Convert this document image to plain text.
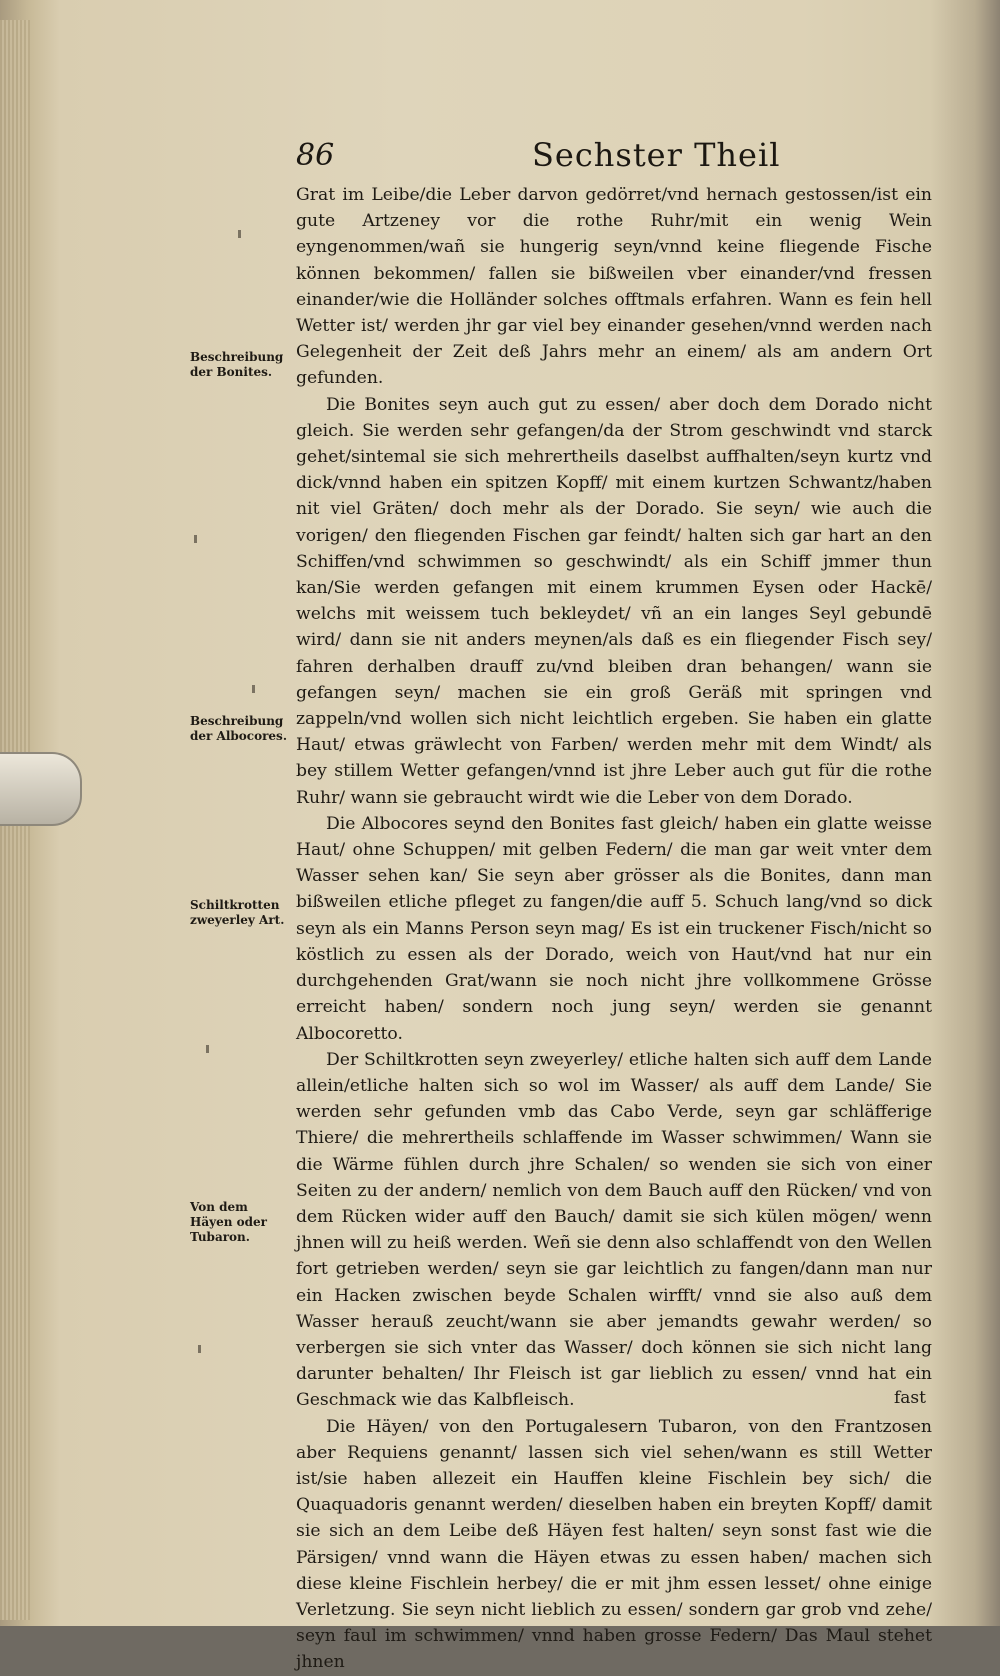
86	Sechster Theil

Grat im Leibe/die Leber darvon gedörret/vnd hernach gestossen/ist ein gute Artzeney vor die rothe Ruhr/mit ein wenig Wein eyngenommen/wañ sie hungerig seyn/vnnd keine fliegende Fische können bekommen/ fallen sie bißweilen vber einander/vnd fressen einander/wie die Holländer solches offtmals erfahren. Wann es fein hell Wetter ist/ werden jhr gar viel bey einander gesehen/vnnd werden nach Gelegenheit der Zeit deß Jahrs mehr an einem/ als am andern Ort gefunden.

Die Bonites seyn auch gut zu essen/ aber doch dem Dorado nicht gleich. Sie werden sehr gefangen/da der Strom geschwindt vnd starck gehet/sintemal sie sich mehrertheils daselbst auffhalten/seyn kurtz vnd dick/vnnd haben ein spitzen Kopff/ mit einem kurtzen Schwantz/haben nit viel Gräten/ doch mehr als der Dorado. Sie seyn/ wie auch die vorigen/ den fliegenden Fischen gar feindt/ halten sich gar hart an den Schiffen/vnd schwimmen so geschwindt/ als ein Schiff jmmer thun kan/Sie werden gefangen mit einem krummen Eysen oder Hackē/ welchs mit weissem tuch bekleydet/ vñ an ein langes Seyl gebundē wird/ dann sie nit anders meynen/als daß es ein fliegender Fisch sey/ fahren derhalben drauff zu/vnd bleiben dran behangen/ wann sie gefangen seyn/ machen sie ein groß Geräß mit springen vnd zappeln/vnd wollen sich nicht leichtlich ergeben. Sie haben ein glatte Haut/ etwas gräwlecht von Farben/ werden mehr mit dem Windt/ als bey stillem Wetter gefangen/vnnd ist jhre Leber auch gut für die rothe Ruhr/ wann sie gebraucht wirdt wie die Leber von dem Dorado.

Die Albocores seynd den Bonites fast gleich/ haben ein glatte weisse Haut/ ohne Schuppen/ mit gelben Federn/ die man gar weit vnter dem Wasser sehen kan/ Sie seyn aber grösser als die Bonites, dann man bißweilen etliche pfleget zu fangen/die auff 5. Schuch lang/vnd so dick seyn als ein Manns Person seyn mag/ Es ist ein truckener Fisch/nicht so köstlich zu essen als der Dorado, weich von Haut/vnd hat nur ein durchgehenden Grat/wann sie noch nicht jhre vollkommene Grösse erreicht haben/ sondern noch jung seyn/ werden sie genannt Albocoretto.

Der Schiltkrotten seyn zweyerley/ etliche halten sich auff dem Lande allein/etliche halten sich so wol im Wasser/ als auff dem Lande/ Sie werden sehr gefunden vmb das Cabo Verde, seyn gar schläfferige Thiere/ die mehrertheils schlaffende im Wasser schwimmen/ Wann sie die Wärme fühlen durch jhre Schalen/ so wenden sie sich von einer Seiten zu der andern/ nemlich von dem Bauch auff den Rücken/ vnd von dem Rücken wider auff den Bauch/ damit sie sich külen mögen/ wenn jhnen will zu heiß werden. Weñ sie denn also schlaffendt von den Wellen fort getrieben werden/ seyn sie gar leichtlich zu fangen/dann man nur ein Hacken zwischen beyde Schalen wirfft/ vnnd sie also auß dem Wasser herauß zeucht/wann sie aber jemandts gewahr werden/ so verbergen sie sich vnter das Wasser/ doch können sie sich nicht lang darunter behalten/ Ihr Fleisch ist gar lieblich zu essen/ vnnd hat ein Geschmack wie das Kalbfleisch.

Die Häyen/ von den Portugalesern Tubaron, von den Frantzosen aber Requiens genannt/ lassen sich viel sehen/wann es still Wetter ist/sie haben allezeit ein Hauffen kleine Fischlein bey sich/ die Quaquadoris genannt werden/ dieselben haben ein breyten Kopff/ damit sie sich an dem Leibe deß Häyen fest halten/ seyn sonst fast wie die Pärsigen/ vnnd wann die Häyen etwas zu essen haben/ machen sich diese kleine Fischlein herbey/ die er mit jhm essen lesset/ ohne einige Verletzung. Sie seyn nicht lieblich zu essen/ sondern gar grob vnd zehe/ seyn faul im schwimmen/ vnnd haben grosse Federn/ Das Maul stehet jhnen

fast
Beschreibung
der Bonites.
Beschreibung
der Albocores.
Schiltkrotten
zweyerley Art.
Von dem
Häyen oder
Tubaron.
